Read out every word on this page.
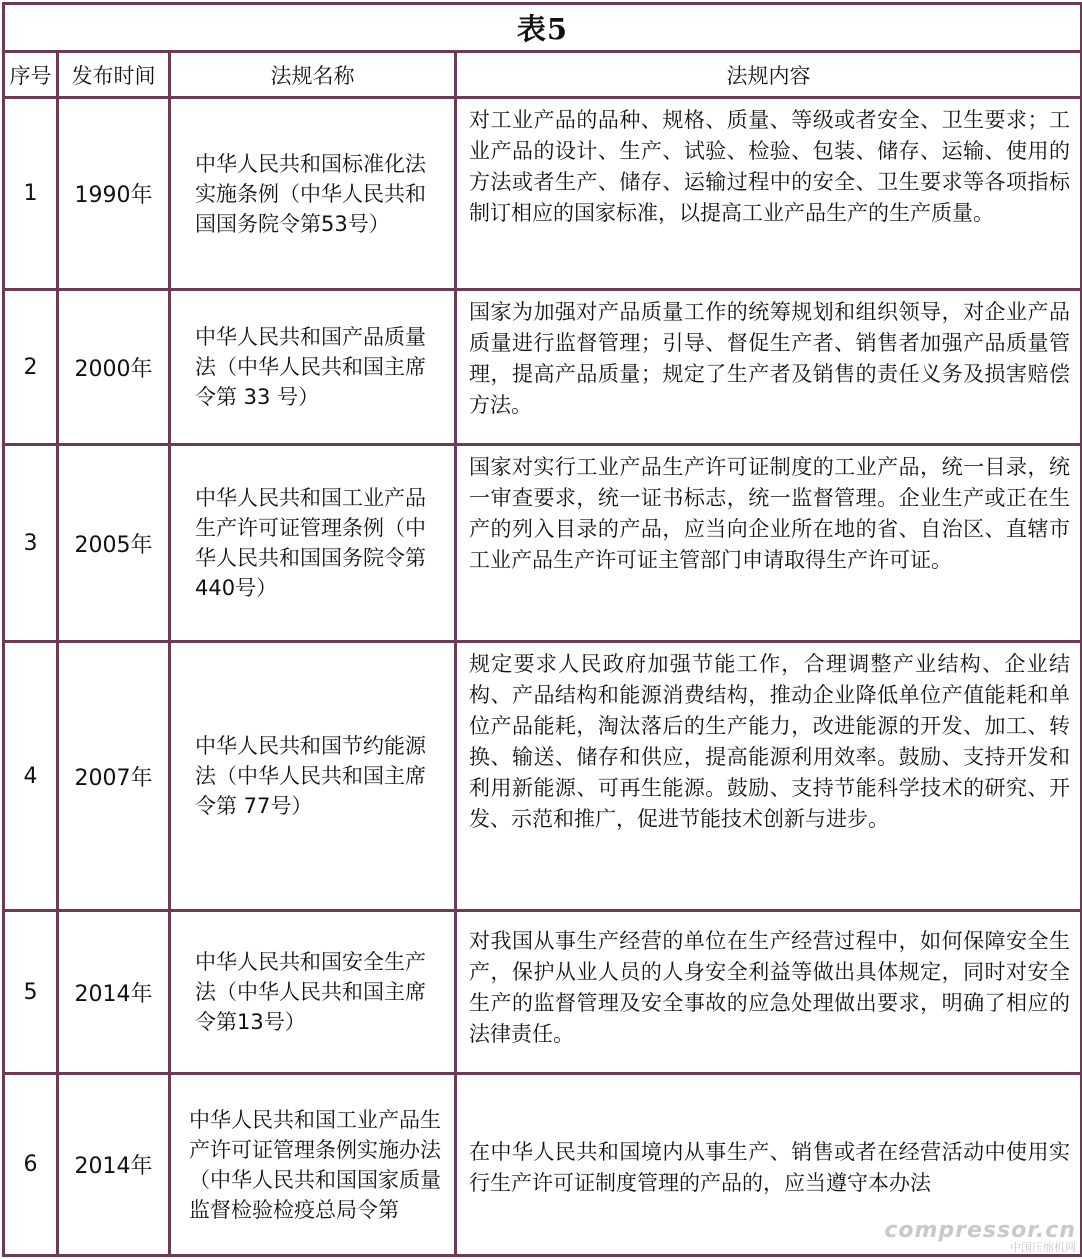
表5			
序号	发布时间	法规名称	法规内容
1	1990年	中华人民共和国标准化法实施条例（中华人民共和国国务院令第53号）	对工业产品的品种、规格、质量、等级或者安全、卫生要求；工业产品的设计、生产、试验、检验、包装、储存、运输、使用的方法或者生产、储存、运输过程中的安全、卫生要求等各项指标制订相应的国家标准，以提高工业产品生产的生产质量。
2	2000年	中华人民共和国产品质量法（中华人民共和国主席令第 33 号）	国家为加强对产品质量工作的统筹规划和组织领导，对企业产品质量进行监督管理；引导、督促生产者、销售者加强产品质量管理，提高产品质量；规定了生产者及销售的责任义务及损害赔偿方法。
3	2005年	中华人民共和国工业产品生产许可证管理条例（中华人民共和国国务院令第 440号）	国家对实行工业产品生产许可证制度的工业产品，统一目录，统一审查要求，统一证书标志，统一监督管理。企业生产或正在生产的列入目录的产品，应当向企业所在地的省、自治区、直辖市工业产品生产许可证主管部门申请取得生产许可证。
4	2007年	中华人民共和国节约能源法（中华人民共和国主席令第 77号）	规定要求人民政府加强节能工作，合理调整产业结构、企业结构、产品结构和能源消费结构，推动企业降低单位产值能耗和单位产品能耗，淘汰落后的生产能力，改进能源的开发、加工、转换、输送、储存和供应，提高能源利用效率。鼓励、支持开发和利用新能源、可再生能源。鼓励、支持节能科学技术的研究、开发、示范和推广，促进节能技术创新与进步。
5	2014年	中华人民共和国安全生产法（中华人民共和国主席令第13号）	对我国从事生产经营的单位在生产经营过程中，如何保障安全生产，保护从业人员的人身安全利益等做出具体规定，同时对安全生产的监督管理及安全事故的应急处理做出要求，明确了相应的法律责任。
6	2014年	中华人民共和国工业产品生产许可证管理条例实施办法（中华人民共和国国家质量监督检验检疫总局令第	在中华人民共和国境内从事生产、销售或者在经营活动中使用实行生产许可证制度管理的产品的，应当遵守本办法
compressor.cn
中国压缩机网
